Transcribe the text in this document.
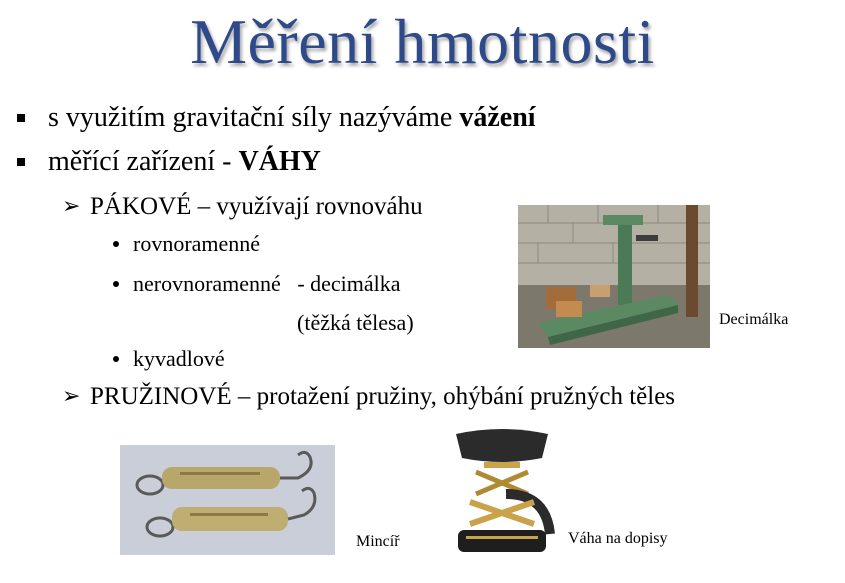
Měření hmotnosti
s využitím gravitační síly nazýváme vážení
měřící zařízení - VÁHY
➢ PÁKOVÉ – využívají rovnováhu
rovnoramenné
nerovnoramenné   - decimálka
(těžká tělesa)
kyvadlové
➢ PRUŽINOVÉ – protažení pružiny, ohýbání pružných těles
Decimálka
Mincíř	Váha na dopisy
